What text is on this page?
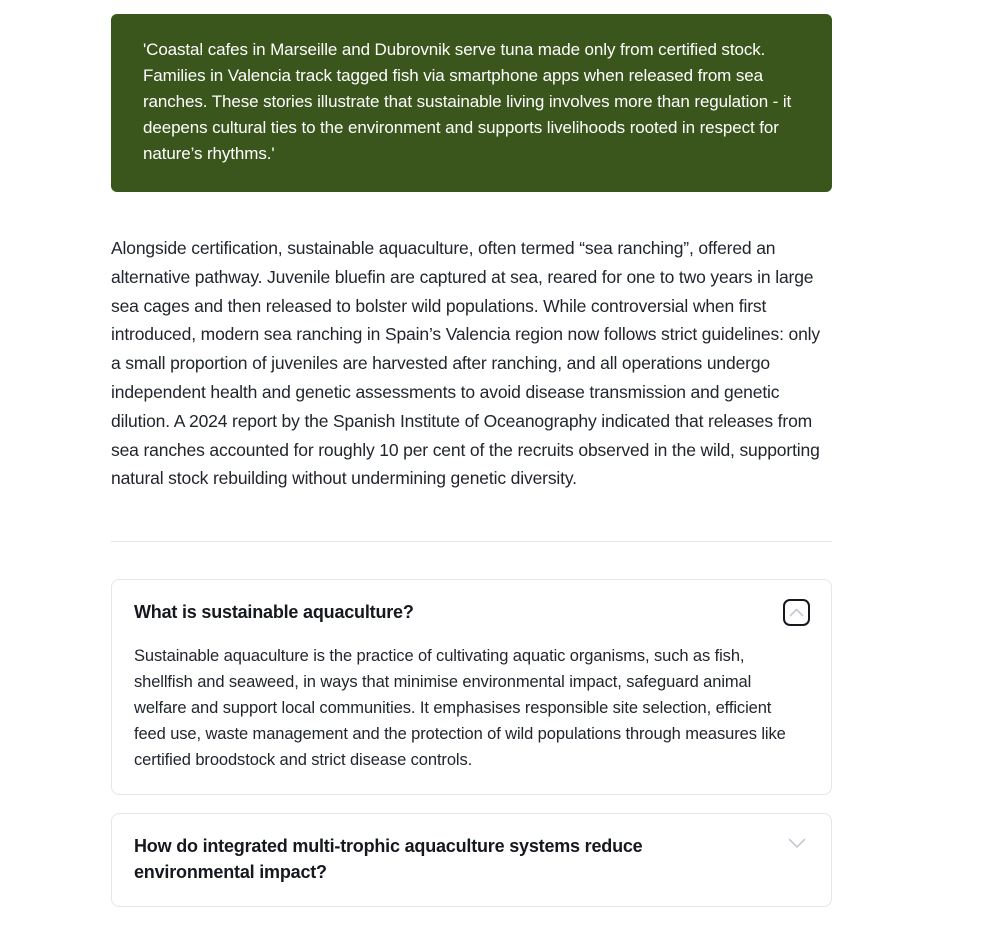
'Coastal cafes in Marseille and Dubrovnik serve tuna made only from certified stock. Families in Valencia track tagged fish via smartphone apps when released from sea ranches. These stories illustrate that sustainable living involves more than regulation - it deepens cultural ties to the environment and supports livelihoods rooted in respect for nature’s rhythms.'

Alongside certification, sustainable aquaculture, often termed “sea ranching”, offered an alternative pathway. Juvenile bluefin are captured at sea, reared for one to two years in large sea cages and then released to bolster wild populations. While controversial when first introduced, modern sea ranching in Spain’s Valencia region now follows strict guidelines: only a small proportion of juveniles are harvested after ranching, and all operations undergo independent health and genetic assessments to avoid disease transmission and genetic dilution. A 2024 report by the Spanish Institute of Oceanography indicated that releases from sea ranches accounted for roughly 10 per cent of the recruits observed in the wild, supporting natural stock rebuilding without undermining genetic diversity.

What is sustainable aquaculture?

Sustainable aquaculture is the practice of cultivating aquatic organisms, such as fish, shellfish and seaweed, in ways that minimise environmental impact, safeguard animal welfare and support local communities. It emphasises responsible site selection, efficient feed use, waste management and the protection of wild populations through measures like certified broodstock and strict disease controls.

How do integrated multi-trophic aquaculture systems reduce environmental impact?
